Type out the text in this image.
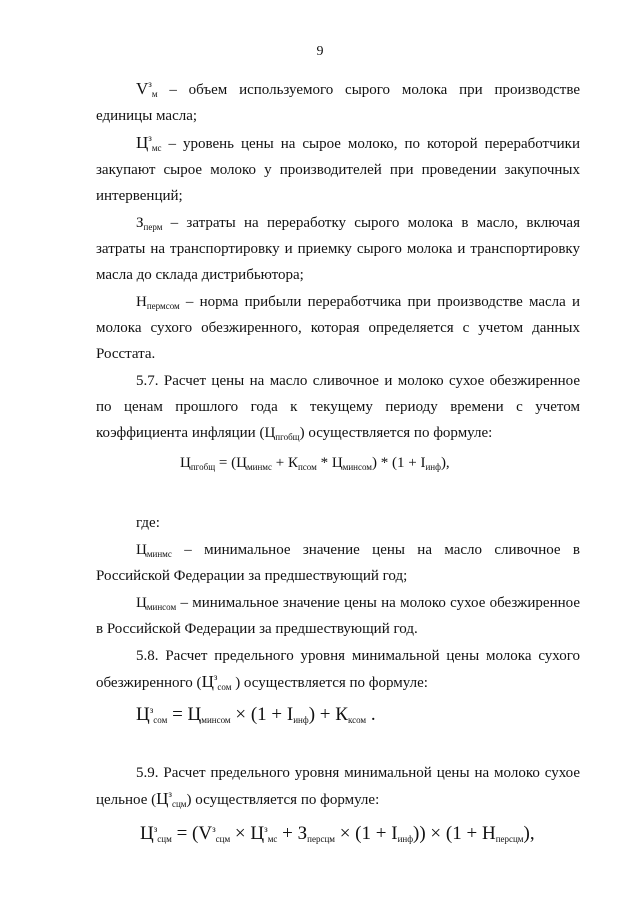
9

$V^з_м$ – объем используемого сырого молока при производстве единицы масла;

$Ц^з_{мс}$ – уровень цены на сырое молоко, по которой переработчики закупают сырое молоко у производителей при проведении закупочных интервенций;

$З_{перм}$ – затраты на переработку сырого молока в масло, включая затраты на транспортировку и приемку сырого молока и транспортировку масла до склада дистрибьютора;

$Н_{пермсом}$ – норма прибыли переработчика при производстве масла и молока сухого обезжиренного, которая определяется с учетом данных Росстата.

5.7. Расчет цены на масло сливочное и молоко сухое обезжиренное по ценам прошлого года к текущему периоду времени с учетом коэффициента инфляции $(Ц_{пгобщ})$ осуществляется по формуле:

$Ц_{пгобщ} = (Ц_{минмс} + К_{псом} * Ц_{минсом}) * (1 + I_{инф})$,

где:

$Ц_{минмс}$ – минимальное значение цены на масло сливочное в Российской Федерации за предшествующий год;

$Ц_{минсом}$ – минимальное значение цены на молоко сухое обезжиренное в Российской Федерации за предшествующий год.

5.8. Расчет предельного уровня минимальной цены молока сухого обезжиренного ($Ц^з_{сом}$ ) осуществляется по формуле:

$Ц^з_{сом} = Ц_{минсом} \times (1 + I_{инф}) + К_{ксом}$ .

5.9. Расчет предельного уровня минимальной цены на молоко сухое цельное $(Ц^з_{сцм})$ осуществляется по формуле:

$Ц^з_{сцм} = (V^з_{сцм} \times Ц^з_{мс} + З_{персцм} \times (1 + I_{инф})) \times (1 + Н_{персцм})$,
